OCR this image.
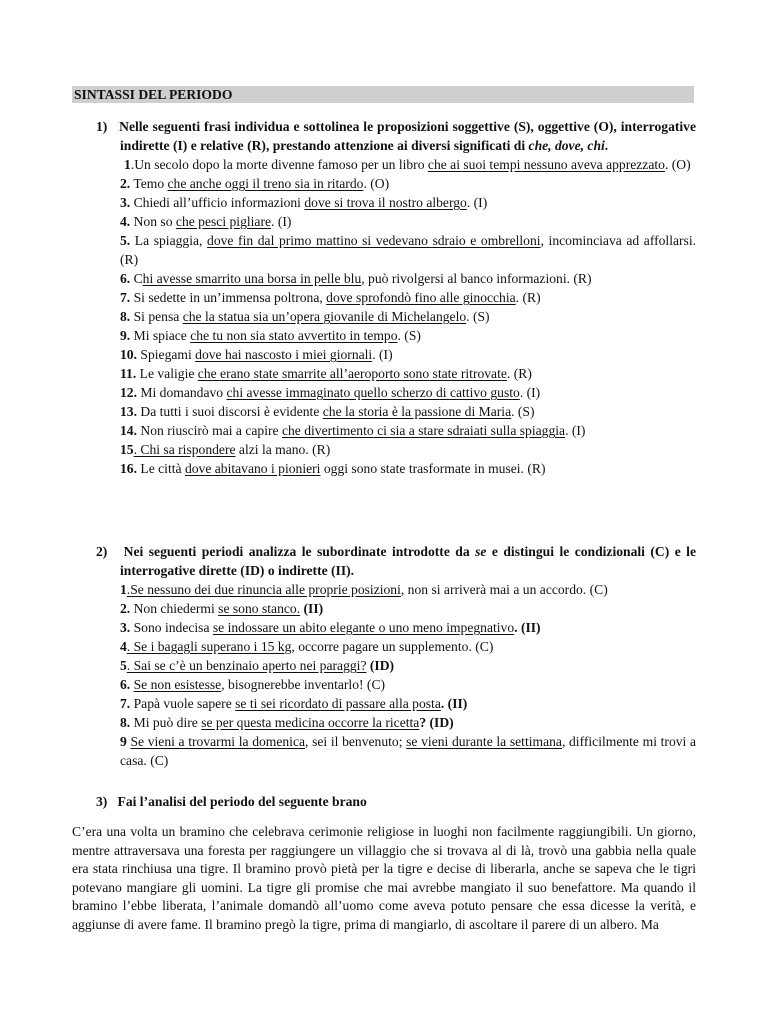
SINTASSI DEL PERIODO
1) Nelle seguenti frasi individua e sottolinea le proposizioni soggettive (S), oggettive (O), interrogative indirette (I) e relative (R), prestando attenzione ai diversi significati di che, dove, chi.
1.Un secolo dopo la morte divenne famoso per un libro che ai suoi tempi nessuno aveva apprezzato. (O)
2. Temo che anche oggi il treno sia in ritardo. (O)
3. Chiedi all’ufficio informazioni dove si trova il nostro albergo. (I)
4. Non so che pesci pigliare. (I)
5. La spiaggia, dove fin dal primo mattino si vedevano sdraio e ombrelloni, incominciava ad affollarsi. (R)
6. Chi avesse smarrito una borsa in pelle blu, può rivolgersi al banco informazioni. (R)
7. Si sedette in un’immensa poltrona, dove sprofondò fino alle ginocchia. (R)
8. Si pensa che la statua sia un’opera giovanile di Michelangelo. (S)
9. Mi spiace che tu non sia stato avvertito in tempo. (S)
10. Spiegami dove hai nascosto i miei giornali. (I)
11. Le valigie che erano state smarrite all’aeroporto sono state ritrovate. (R)
12. Mi domandavo chi avesse immaginato quello scherzo di cattivo gusto. (I)
13. Da tutti i suoi discorsi è evidente che la storia è la passione di Maria. (S)
14. Non riuscirò mai a capire che divertimento ci sia a stare sdraiati sulla spiaggia. (I)
15. Chi sa rispondere alzi la mano. (R)
16. Le città dove abitavano i pionieri oggi sono state trasformate in musei. (R)
2) Nei seguenti periodi analizza le subordinate introdotte da se e distingui le condizionali (C) e le interrogative dirette (ID) o indirette (II).
1.Se nessuno dei due rinuncia alle proprie posizioni, non si arriverà mai a un accordo. (C)
2. Non chiedermi se sono stanco. (II)
3. Sono indecisa se indossare un abito elegante o uno meno impegnativo. (II)
4. Se i bagagli superano i 15 kg, occorre pagare un supplemento. (C)
5. Sai se c’è un benzinaio aperto nei paraggi? (ID)
6. Se non esistesse, bisognerebbe inventarlo! (C)
7. Papà vuole sapere se ti sei ricordato di passare alla posta. (II)
8. Mi può dire se per questa medicina occorre la ricetta? (ID)
9 Se vieni a trovarmi la domenica, sei il benvenuto; se vieni durante la settimana, difficilmente mi trovi a casa. (C)
3) Fai l’analisi del periodo del seguente brano
C’era una volta un bramino che celebrava cerimonie religiose in luoghi non facilmente raggiungibili. Un giorno, mentre attraversava una foresta per raggiungere un villaggio che si trovava al di là, trovò una gabbia nella quale era stata rinchiusa una tigre. Il bramino provò pietà per la tigre e decise di liberarla, anche se sapeva che le tigri potevano mangiare gli uomini. La tigre gli promise che mai avrebbe mangiato il suo benefattore. Ma quando il bramino l’ebbe liberata, l’animale domandò all’uomo come aveva potuto pensare che essa dicesse la verità, e aggiunse di avere fame. Il bramino pregò la tigre, prima di mangiarlo, di ascoltare il parere di un albero. Ma
